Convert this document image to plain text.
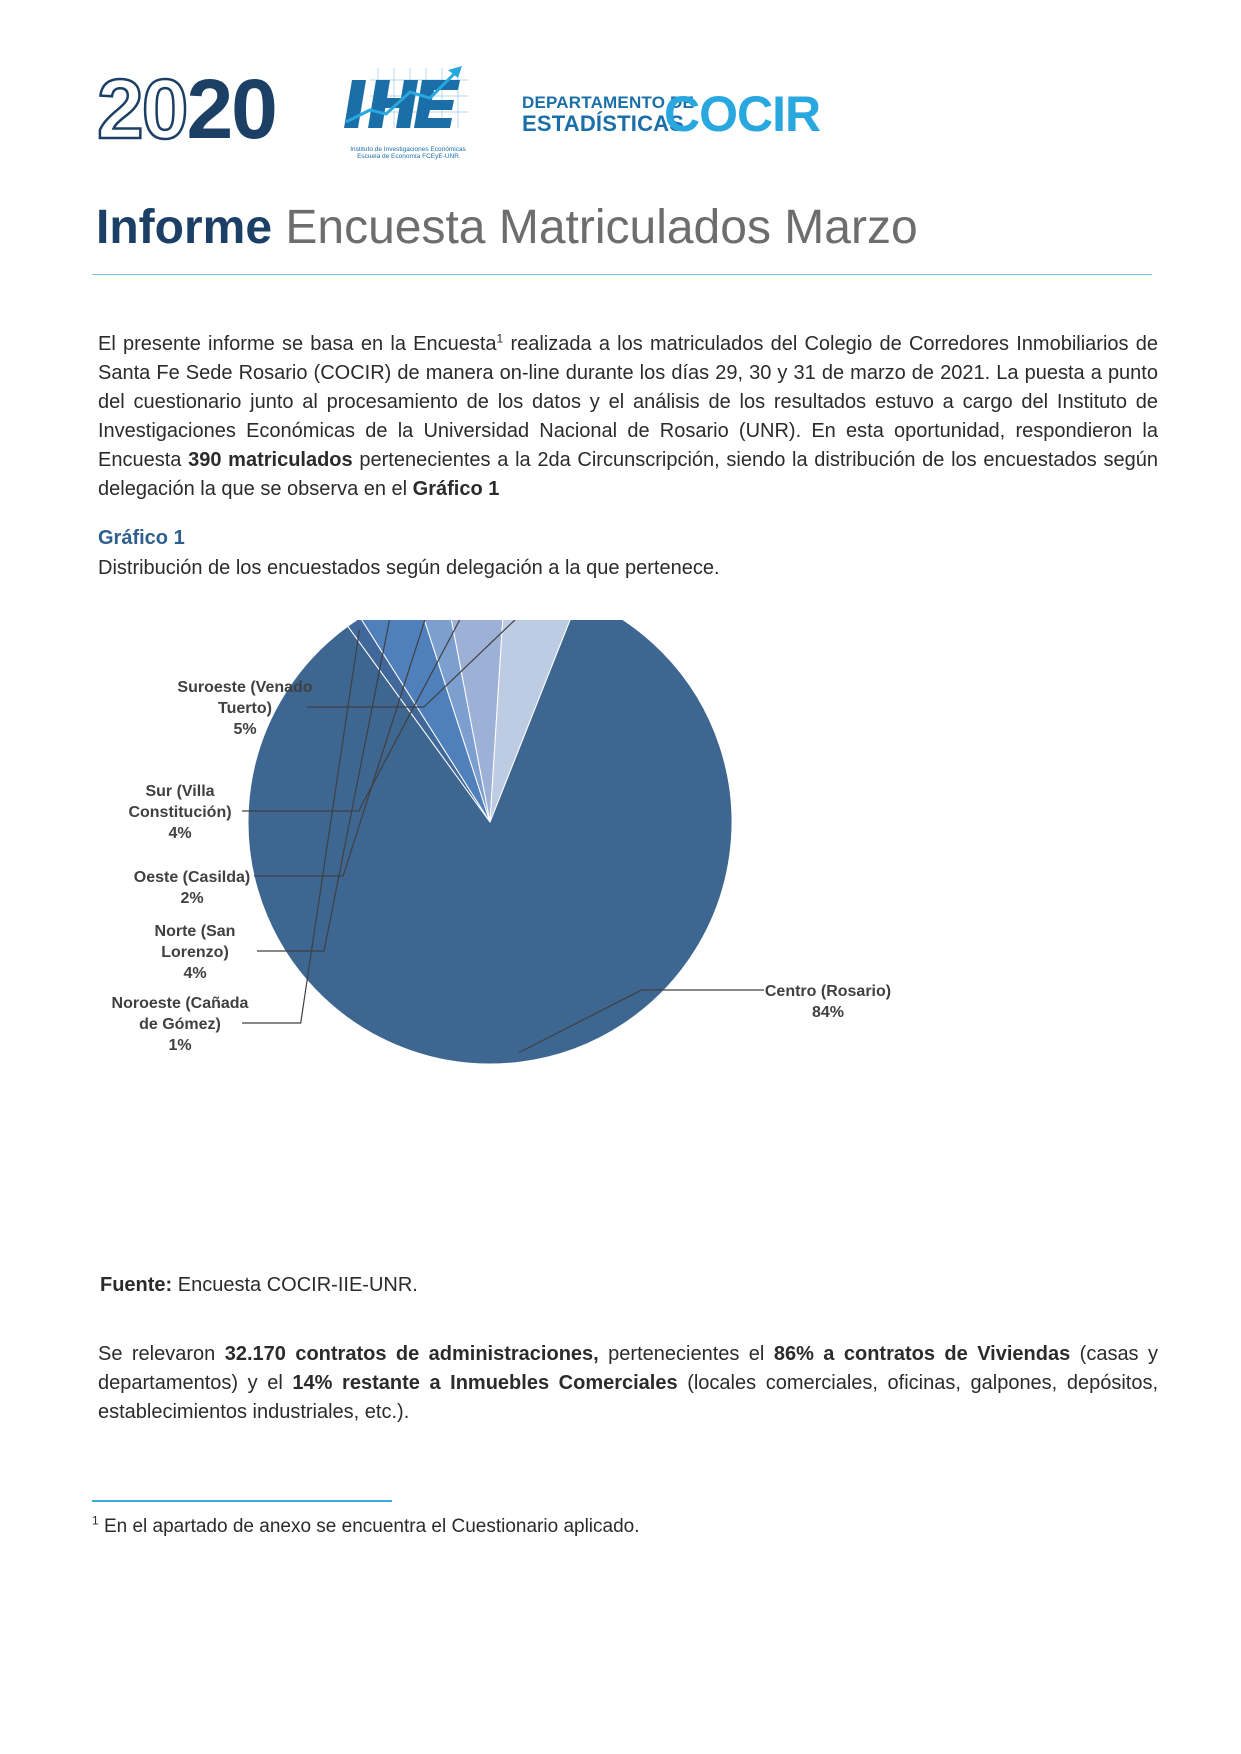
2020	Instituto de Investigaciones Económicas
Escuela de Economía FCEyE-UNR
DEPARTAMENTO DE
ESTADÍSTICAS
COCIR
Informe Encuesta Matriculados Marzo

El presente informe se basa en la Encuesta$^1$ realizada a los matriculados del Colegio de Corredores Inmobiliarios de Santa Fe Sede Rosario (COCIR) de manera on-line durante los días 29, 30 y 31 de marzo de 2021. La puesta a punto del cuestionario junto al procesamiento de los datos y el análisis de los resultados estuvo a cargo del Instituto de Investigaciones Económicas de la Universidad Nacional de Rosario (UNR). En esta oportunidad, respondieron la Encuesta 390 matriculados pertenecientes a la 2da Circunscripción, siendo la distribución de los encuestados según delegación la que se observa en el Gráfico 1

Gráfico 1
Distribución de los encuestados según delegación a la que pertenece.
Centro (Rosario) 84%
Noroeste (Cañada de Gómez) 1%
Norte (San Lorenzo) 4%
Oeste (Casilda) 2%
Sur (Villa Constitución) 4%
Suroeste (Venado Tuerto) 5%
Fuente: Encuesta COCIR-IIE-UNR.

Se relevaron 32.170 contratos de administraciones, pertenecientes el 86% a contratos de Viviendas (casas y departamentos) y el 14% restante a Inmuebles Comerciales (locales comerciales, oficinas, galpones, depósitos, establecimientos industriales, etc.).

$^1$ En el apartado de anexo se encuentra el Cuestionario aplicado.
